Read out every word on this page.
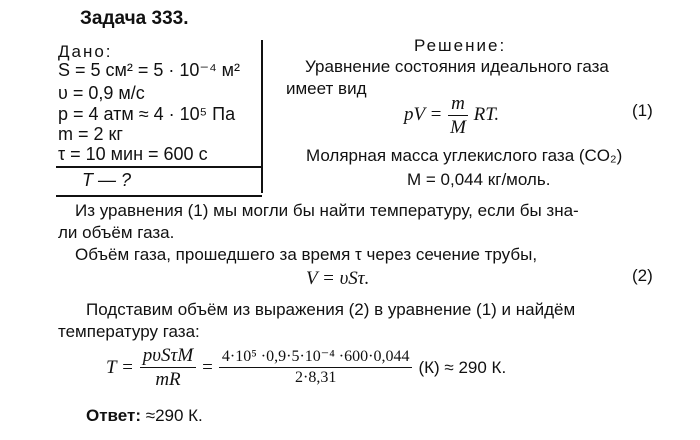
Задача 333.
Дано:
S = 5 см² = 5 · 10⁻⁴ м²
υ = 0,9 м/с
p = 4 атм ≈ 4 · 10⁵ Па
m = 2 кг
τ = 10 мин = 600 с
T — ?
Решение:
Уравнение состояния идеального газа
имеет вид
pV = $\frac{m}{M}$ RT.	(1)
Молярная масса углекислого газа (CO₂)
M = 0,044 кг/моль.
Из уравнения (1) мы могли бы найти температуру, если бы зна-
ли объём газа.
Объём газа, прошедшего за время τ через сечение трубы,
V = υSτ.	(2)
Подставим объём из выражения (2) в уравнение (1) и найдём
температуру газа:
$T = \frac{\text{pυSτM}}{mR} = \frac{\text{4·10⁵ ·0,9·5·10⁻⁴ ·600·0,044}}{2\cdot 8,31} (К) \approx 290$ К.
Ответ: ≈290 К.
